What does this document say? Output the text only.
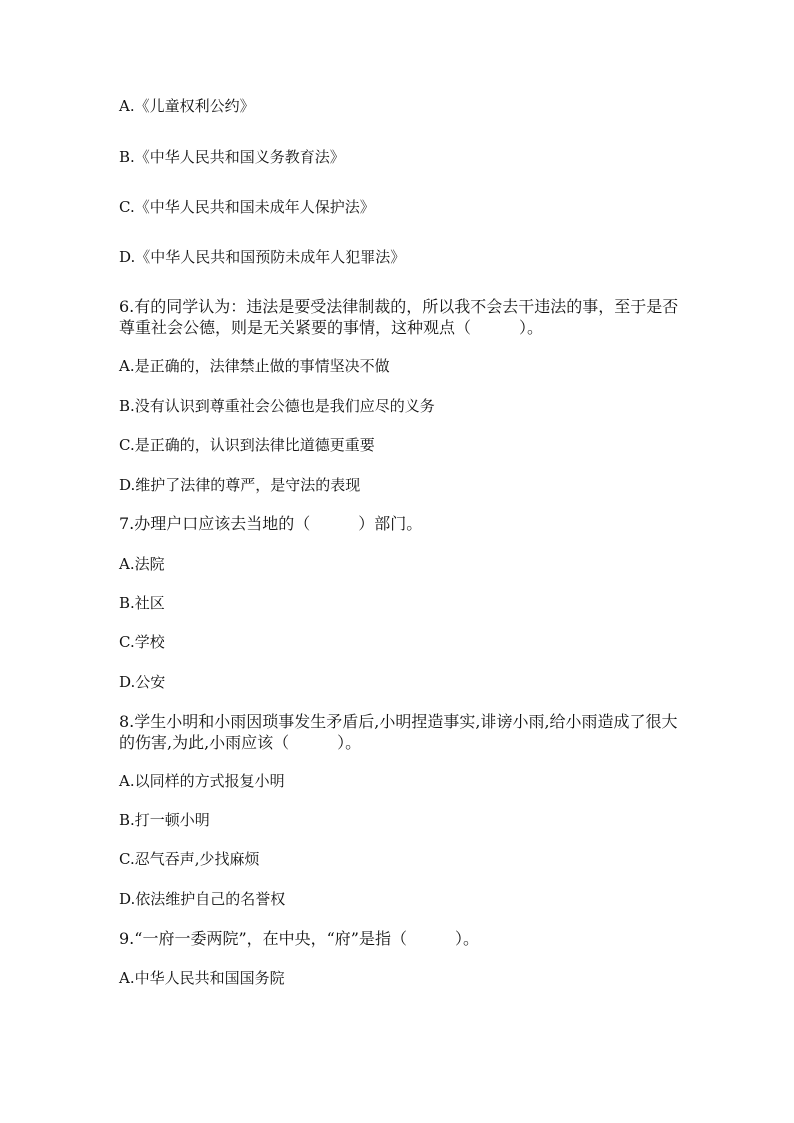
A.《儿童权利公约》
B.《中华人民共和国义务教育法》
C.《中华人民共和国未成年人保护法》
D.《中华人民共和国预防未成年人犯罪法》
6.有的同学认为：违法是要受法律制裁的，所以我不会去干违法的事，至于是否尊重社会公德，则是无关紧要的事情，这种观点（　　　）。
A.是正确的，法律禁止做的事情坚决不做
B.没有认识到尊重社会公德也是我们应尽的义务
C.是正确的，认识到法律比道德更重要
D.维护了法律的尊严，是守法的表现
7.办理户口应该去当地的（　　　）部门。
A.法院
B.社区
C.学校
D.公安
8.学生小明和小雨因琐事发生矛盾后,小明捏造事实,诽谤小雨,给小雨造成了很大的伤害,为此,小雨应该（　　　）。
A.以同样的方式报复小明
B.打一顿小明
C.忍气吞声,少找麻烦
D.依法维护自己的名誉权
9.“一府一委两院”，在中央，“府”是指（　　　）。
A.中华人民共和国国务院
